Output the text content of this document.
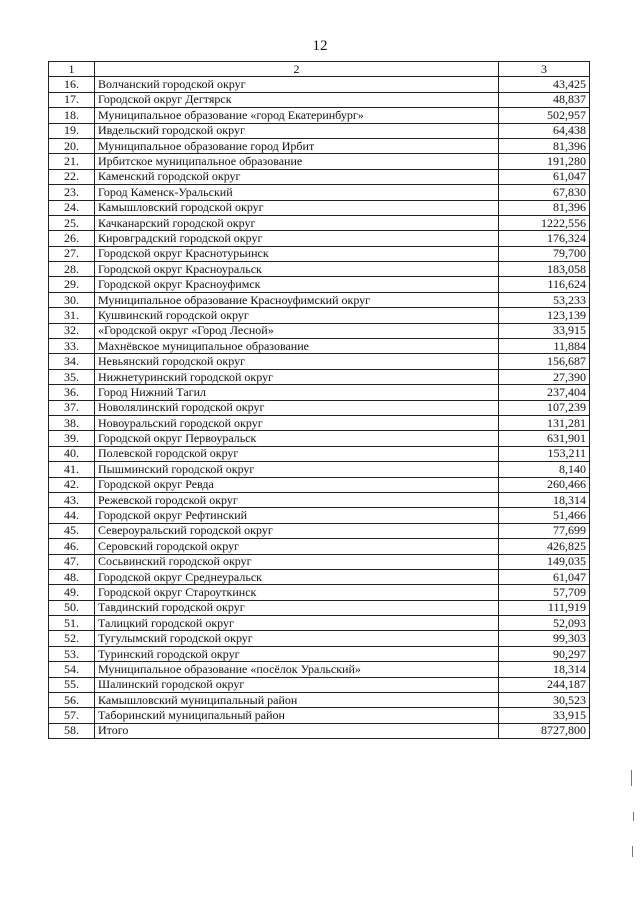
12
1	2	3
16.	Волчанский городской округ	43,425
17.	Городской округ Дегтярск	48,837
18.	Муниципальное образование «город Екатеринбург»	502,957
19.	Ивдельский городской округ	64,438
20.	Муниципальное образование город Ирбит	81,396
21.	Ирбитское муниципальное образование	191,280
22.	Каменский городской округ	61,047
23.	Город Каменск-Уральский	67,830
24.	Камышловский городской округ	81,396
25.	Качканарский городской округ	1222,556
26.	Кировградский городской округ	176,324
27.	Городской округ Краснотурьинск	79,700
28.	Городской округ Красноуральск	183,058
29.	Городской округ Красноуфимск	116,624
30.	Муниципальное образование Красноуфимский округ	53,233
31.	Кушвинский городской округ	123,139
32.	«Городской округ «Город Лесной»	33,915
33.	Махнёвское муниципальное образование	11,884
34.	Невьянский городской округ	156,687
35.	Нижнетуринский городской округ	27,390
36.	Город Нижний Тагил	237,404
37.	Новолялинский городской округ	107,239
38.	Новоуральский городской округ	131,281
39.	Городской округ Первоуральск	631,901
40.	Полевской городской округ	153,211
41.	Пышминский городской округ	8,140
42.	Городской округ Ревда	260,466
43.	Режевской городской округ	18,314
44.	Городской округ Рефтинский	51,466
45.	Североуральский городской округ	77,699
46.	Серовский городской округ	426,825
47.	Сосьвинский городской округ	149,035
48.	Городской округ Среднеуральск	61,047
49.	Городской округ Староуткинск	57,709
50.	Тавдинский городской округ	111,919
51.	Талицкий городской округ	52,093
52.	Тугулымский городской округ	99,303
53.	Туринский городской округ	90,297
54.	Муниципальное образование «посёлок Уральский»	18,314
55.	Шалинский городской округ	244,187
56.	Камышловский муниципальный район	30,523
57.	Таборинский муниципальный район	33,915
58.	Итого	8727,800
